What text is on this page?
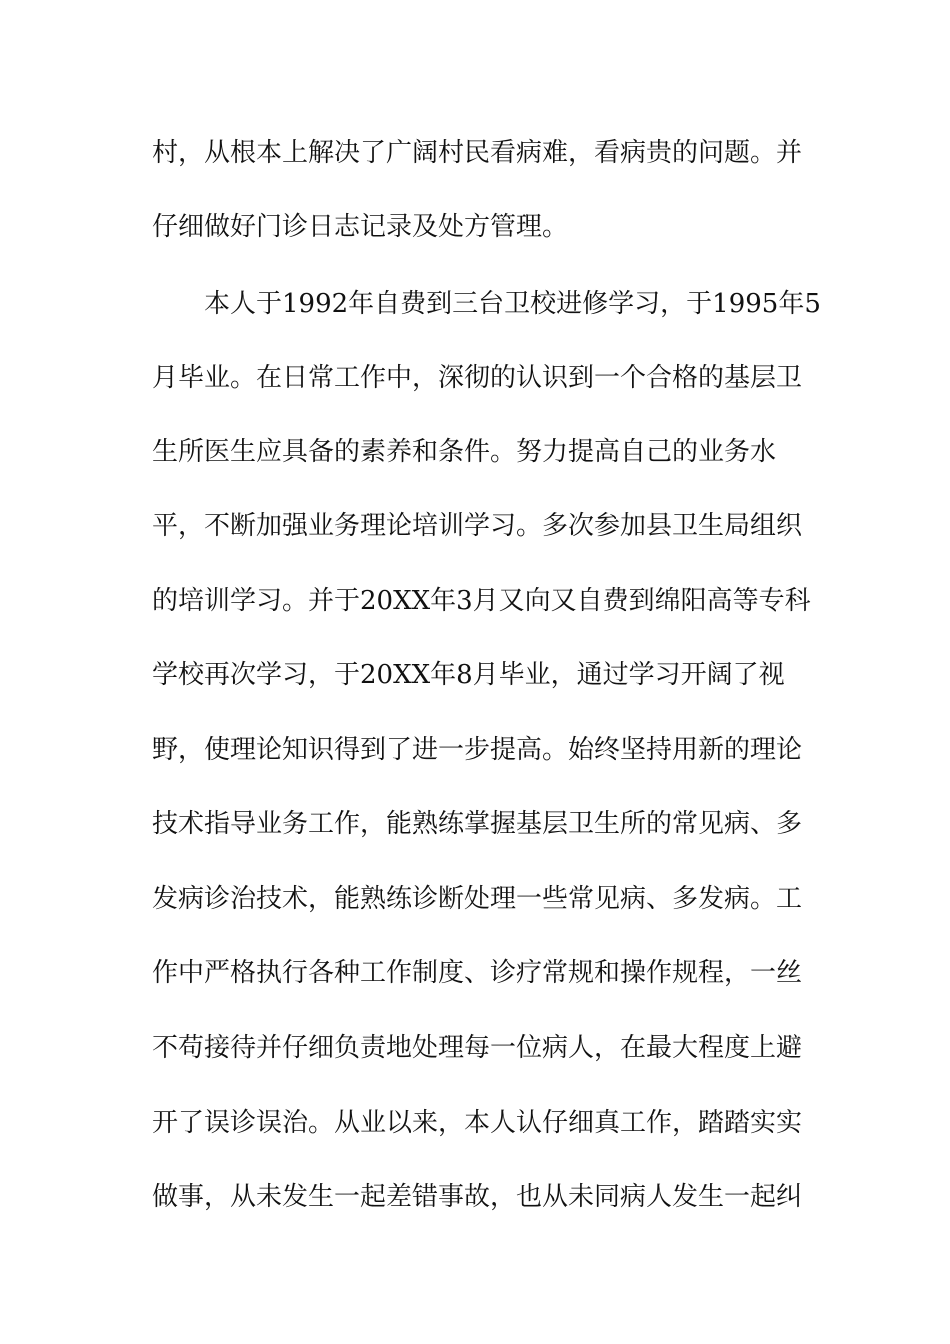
村，从根本上解决了广阔村民看病难，看病贵的问题。并
仔细做好门诊日志记录及处方管理。
本人于1992年自费到三台卫校进修学习，于1995年5
月毕业。在日常工作中，深彻的认识到一个合格的基层卫
生所医生应具备的素养和条件。努力提高自己的业务水
平，不断加强业务理论培训学习。多次参加县卫生局组织
的培训学习。并于20XX年3月又向又自费到绵阳高等专科
学校再次学习，于20XX年8月毕业，通过学习开阔了视
野，使理论知识得到了进一步提高。始终坚持用新的理论
技术指导业务工作，能熟练掌握基层卫生所的常见病、多
发病诊治技术，能熟练诊断处理一些常见病、多发病。工
作中严格执行各种工作制度、诊疗常规和操作规程，一丝
不苟接待并仔细负责地处理每一位病人，在最大程度上避
开了误诊误治。从业以来，本人认仔细真工作，踏踏实实
做事，从未发生一起差错事故，也从未同病人发生一起纠
